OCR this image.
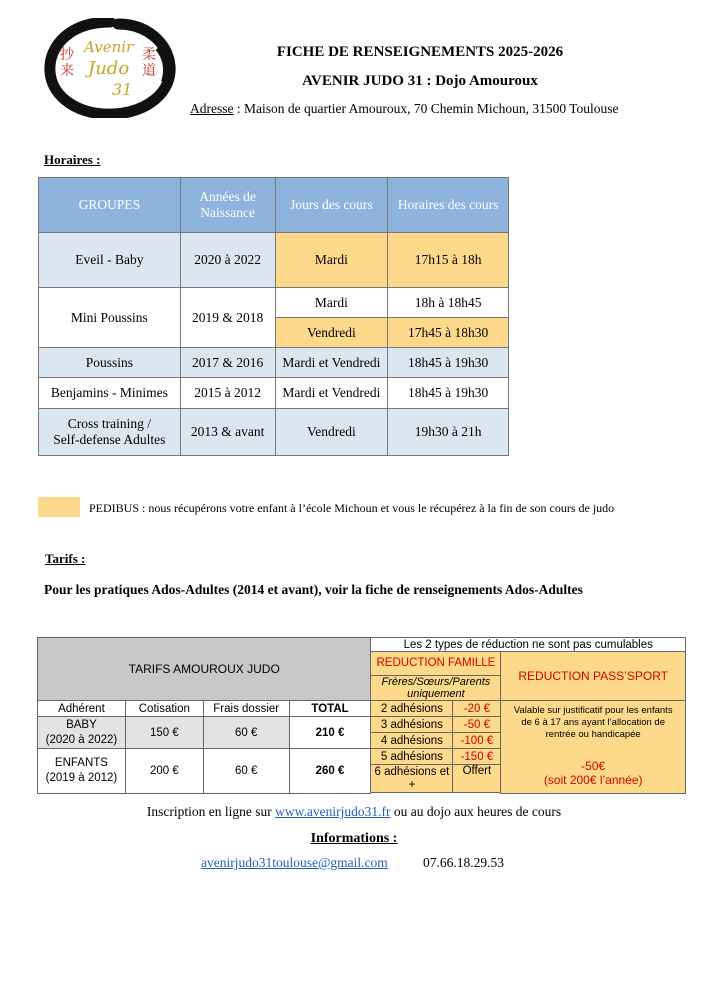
Avenir
Judo
31
抄来
柔道
FICHE DE RENSEIGNEMENTS 2025-2026
AVENIR JUDO 31 : Dojo Amouroux
Adresse : Maison de quartier Amouroux, 70 Chemin Michoun, 31500 Toulouse
Horaires :
GROUPES	Années de Naissance	Jours des cours	Horaires des cours
Eveil - Baby	2020 à 2022	Mardi	17h15 à 18h
Mini Poussins	2019 & 2018	Mardi	18h à 18h45
		Vendredi	17h45 à 18h30
Poussins	2017 & 2016	Mardi et Vendredi	18h45 à 19h30
Benjamins - Minimes	2015 à 2012	Mardi et Vendredi	18h45 à 19h30

Cross training /
Self-defense Adultes	2013 & avant	Vendredi	19h30 à 21h
PEDIBUS : nous récupérons votre enfant à l’école Michoun et vous le récupérez à la fin de son cours de judo
Tarifs :
Pour les pratiques Ados-Adultes (2014 et avant), voir la fiche de renseignements Ados-Adultes
TARIFS AMOUROUX JUDO				Les 2 types de réduction ne sont pas cumulables		

				REDUCTION FAMILLE		REDUCTION PASS’SPORT
				Frères/Sœurs/Parents uniquement		
Adhérent	Cotisation	Frais dossier	TOTAL	2 adhésions	-20 €	Valable sur justificatif pour les enfants de 6 à 17 ans ayant l’allocation de rentrée ou handicapée
-50€
(soit 200€ l’année)

BABY
(2020 à 2022)	150 €	60 €	210 €	3 adhésions	-50 €	
				4 adhésions	-100 €	

ENFANTS
(2019 à 2012)	200 €	60 €	260 €	5 adhésions	-150 €	
				6 adhésions et +	Offert	

Inscription en ligne sur www.avenirjudo31.fr ou au dojo aux heures de cours
Informations :
avenirjudo31toulouse@gmail.com	07.66.18.29.53
